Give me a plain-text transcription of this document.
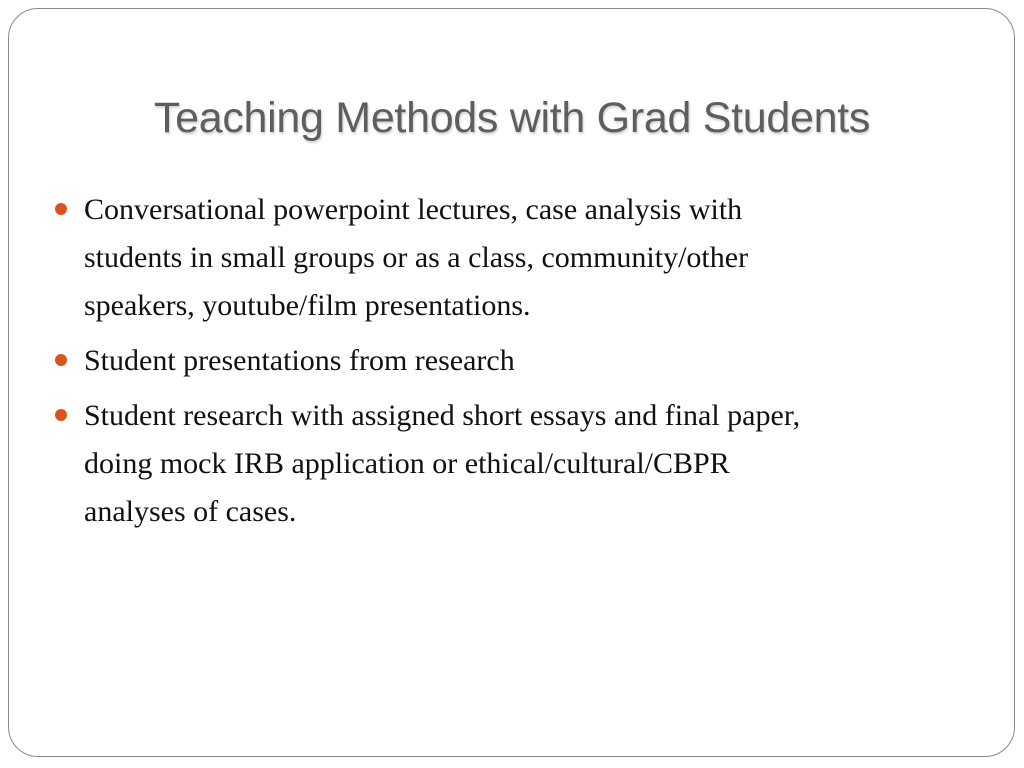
Teaching Methods with Grad Students
Conversational powerpoint lectures, case analysis with
students in small groups or as a class, community/other
speakers, youtube/film presentations.
Student presentations from research
Student research with assigned short essays and final paper,
doing mock IRB application or ethical/cultural/CBPR
analyses of cases.
